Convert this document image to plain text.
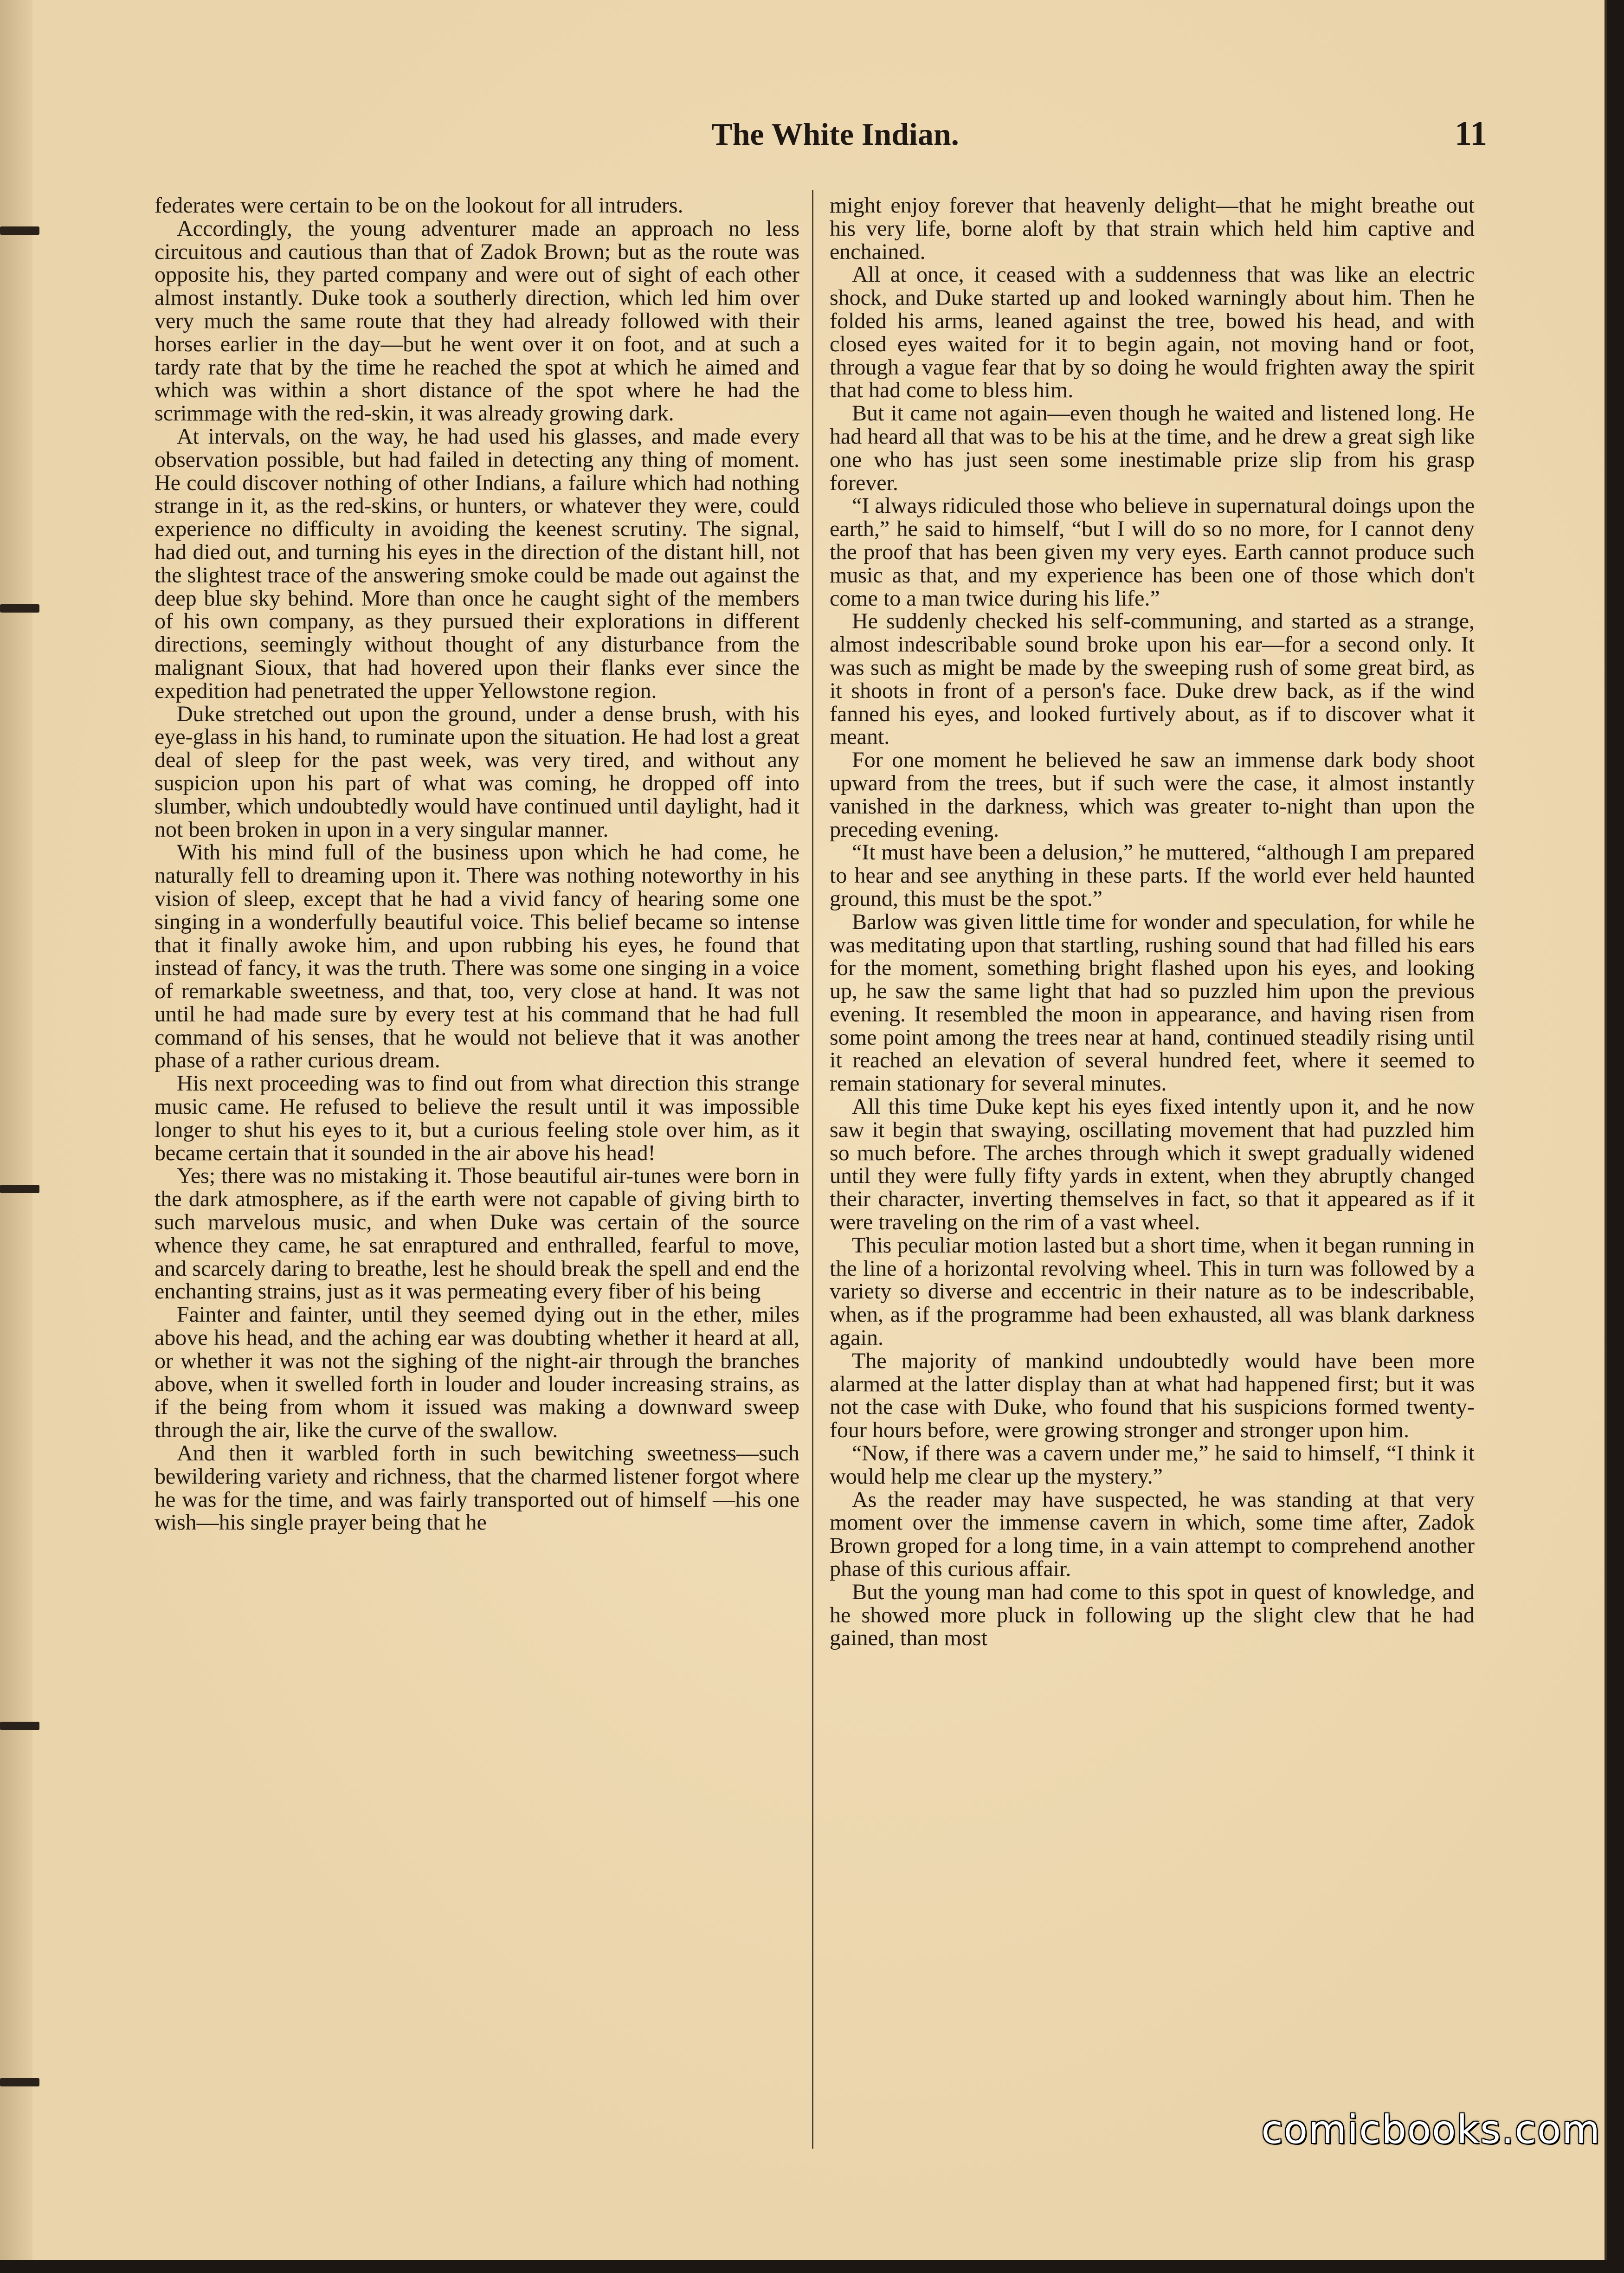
The White Indian.	11

federates were certain to be on the lookout for all intruders.

Accordingly, the young adventurer made an approach no less circuitous and cautious than that of Zadok Brown; but as the route was opposite his, they parted company and were out of sight of each other almost instantly. Duke took a southerly direction, which led him over very much the same route that they had already followed with their horses earlier in the day—but he went over it on foot, and at such a tardy rate that by the time he reached the spot at which he aimed and which was within a short distance of the spot where he had the scrimmage with the red-skin, it was already growing dark.

At intervals, on the way, he had used his glasses, and made every observation possible, but had failed in detecting any thing of moment. He could discover nothing of other Indians, a failure which had nothing strange in it, as the red-skins, or hunters, or whatever they were, could experience no difficulty in avoiding the keenest scrutiny. The signal, had died out, and turning his eyes in the direction of the distant hill, not the slightest trace of the answering smoke could be made out against the deep blue sky behind. More than once he caught sight of the members of his own company, as they pursued their explorations in different directions, seemingly without thought of any disturbance from the malignant Sioux, that had hovered upon their flanks ever since the expedition had penetrated the upper Yellowstone region.

Duke stretched out upon the ground, under a dense brush, with his eye-glass in his hand, to ruminate upon the situation. He had lost a great deal of sleep for the past week, was very tired, and without any suspicion upon his part of what was coming, he dropped off into slumber, which undoubtedly would have continued until daylight, had it not been broken in upon in a very singular manner.

With his mind full of the business upon which he had come, he naturally fell to dreaming upon it. There was nothing noteworthy in his vision of sleep, except that he had a vivid fancy of hearing some one singing in a wonderfully beautiful voice. This belief became so intense that it finally awoke him, and upon rubbing his eyes, he found that instead of fancy, it was the truth. There was some one singing in a voice of remarkable sweetness, and that, too, very close at hand. It was not until he had made sure by every test at his command that he had full command of his senses, that he would not believe that it was another phase of a rather curious dream.

His next proceeding was to find out from what direction this strange music came. He refused to believe the result until it was impossible longer to shut his eyes to it, but a curious feeling stole over him, as it became certain that it sounded in the air above his head!

Yes; there was no mistaking it. Those beautiful air-tunes were born in the dark atmosphere, as if the earth were not capable of giving birth to such marvelous music, and when Duke was certain of the source whence they came, he sat enraptured and enthralled, fearful to move, and scarcely daring to breathe, lest he should break the spell and end the enchanting strains, just as it was permeating every fiber of his being

Fainter and fainter, until they seemed dying out in the ether, miles above his head, and the aching ear was doubting whether it heard at all, or whether it was not the sighing of the night-air through the branches above, when it swelled forth in louder and louder increasing strains, as if the being from whom it issued was making a downward sweep through the air, like the curve of the swallow.

And then it warbled forth in such bewitching sweetness—such bewildering variety and richness, that the charmed listener forgot where he was for the time, and was fairly transported out of himself —his one wish—his single prayer being that he

might enjoy forever that heavenly delight—that he might breathe out his very life, borne aloft by that strain which held him captive and enchained.

All at once, it ceased with a suddenness that was like an electric shock, and Duke started up and looked warningly about him. Then he folded his arms, leaned against the tree, bowed his head, and with closed eyes waited for it to begin again, not moving hand or foot, through a vague fear that by so doing he would frighten away the spirit that had come to bless him.

But it came not again—even though he waited and listened long. He had heard all that was to be his at the time, and he drew a great sigh like one who has just seen some inestimable prize slip from his grasp forever.

“I always ridiculed those who believe in supernatural doings upon the earth,” he said to himself, “but I will do so no more, for I cannot deny the proof that has been given my very eyes. Earth cannot produce such music as that, and my experience has been one of those which don't come to a man twice during his life.”

He suddenly checked his self-communing, and started as a strange, almost indescribable sound broke upon his ear—for a second only. It was such as might be made by the sweeping rush of some great bird, as it shoots in front of a person's face. Duke drew back, as if the wind fanned his eyes, and looked furtively about, as if to discover what it meant.

For one moment he believed he saw an immense dark body shoot upward from the trees, but if such were the case, it almost instantly vanished in the darkness, which was greater to-night than upon the preceding evening.

“It must have been a delusion,” he muttered, “although I am prepared to hear and see anything in these parts. If the world ever held haunted ground, this must be the spot.”

Barlow was given little time for wonder and speculation, for while he was meditating upon that startling, rushing sound that had filled his ears for the moment, something bright flashed upon his eyes, and looking up, he saw the same light that had so puzzled him upon the previous evening. It resembled the moon in appearance, and having risen from some point among the trees near at hand, continued steadily rising until it reached an elevation of several hundred feet, where it seemed to remain stationary for several minutes.

All this time Duke kept his eyes fixed intently upon it, and he now saw it begin that swaying, oscillating movement that had puzzled him so much before. The arches through which it swept gradually widened until they were fully fifty yards in extent, when they abruptly changed their character, inverting themselves in fact, so that it appeared as if it were traveling on the rim of a vast wheel.

This peculiar motion lasted but a short time, when it began running in the line of a horizontal revolving wheel. This in turn was followed by a variety so diverse and eccentric in their nature as to be indescribable, when, as if the programme had been exhausted, all was blank darkness again.

The majority of mankind undoubtedly would have been more alarmed at the latter display than at what had happened first; but it was not the case with Duke, who found that his suspicions formed twenty-four hours before, were growing stronger and stronger upon him.

“Now, if there was a cavern under me,” he said to himself, “I think it would help me clear up the mystery.”

As the reader may have suspected, he was standing at that very moment over the immense cavern in which, some time after, Zadok Brown groped for a long time, in a vain attempt to comprehend another phase of this curious affair.

But the young man had come to this spot in quest of knowledge, and he showed more pluck in following up the slight clew that he had gained, than most

comicbooks.com
